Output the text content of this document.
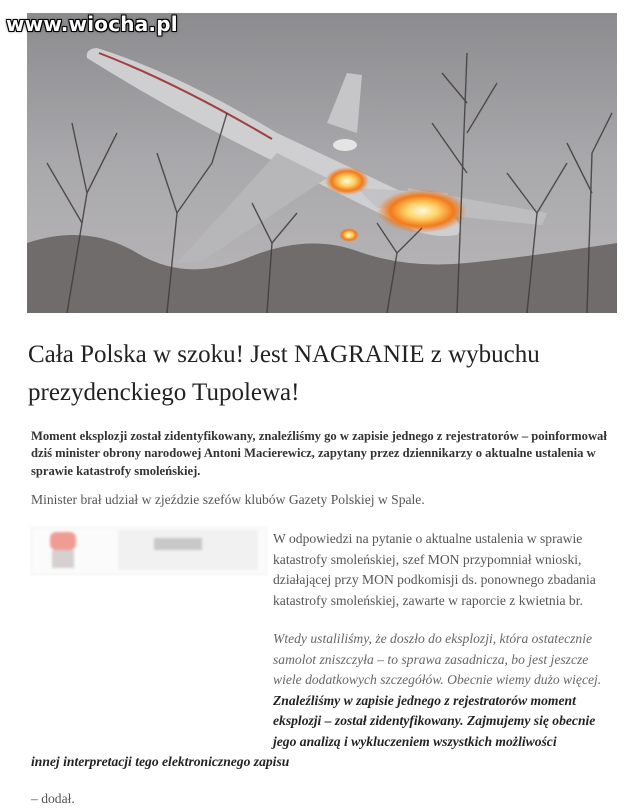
www.wiocha.pl
Cała Polska w szoku! Jest NAGRANIE z wybuchu prezydenckiego Tupolewa!

Moment eksplozji został zidentyfikowany, znaleźliśmy go w zapisie jednego z rejestratorów – poinformował dziś minister obrony narodowej Antoni Macierewicz, zapytany przez dziennikarzy o aktualne ustalenia w sprawie katastrofy smoleńskiej.

Minister brał udział w zjeździe szefów klubów Gazety Polskiej w Spale.

W odpowiedzi na pytanie o aktualne ustalenia w sprawie katastrofy smoleńskiej, szef MON przypomniał wnioski, działającej przy MON podkomisji ds. ponownego zbadania katastrofy smoleńskiej, zawarte w raporcie z kwietnia br.

Wtedy ustaliliśmy, że doszło do eksplozji, która ostatecznie samolot zniszczyła – to sprawa zasadnicza, bo jest jeszcze wiele dodatkowych szczegółów. Obecnie wiemy dużo więcej. Znaleźliśmy w zapisie jednego z rejestratorów moment eksplozji – został zidentyfikowany. Zajmujemy się obecnie jego analizą i wykluczeniem wszystkich możliwości

innej interpretacji tego elektronicznego zapisu

– dodał.
